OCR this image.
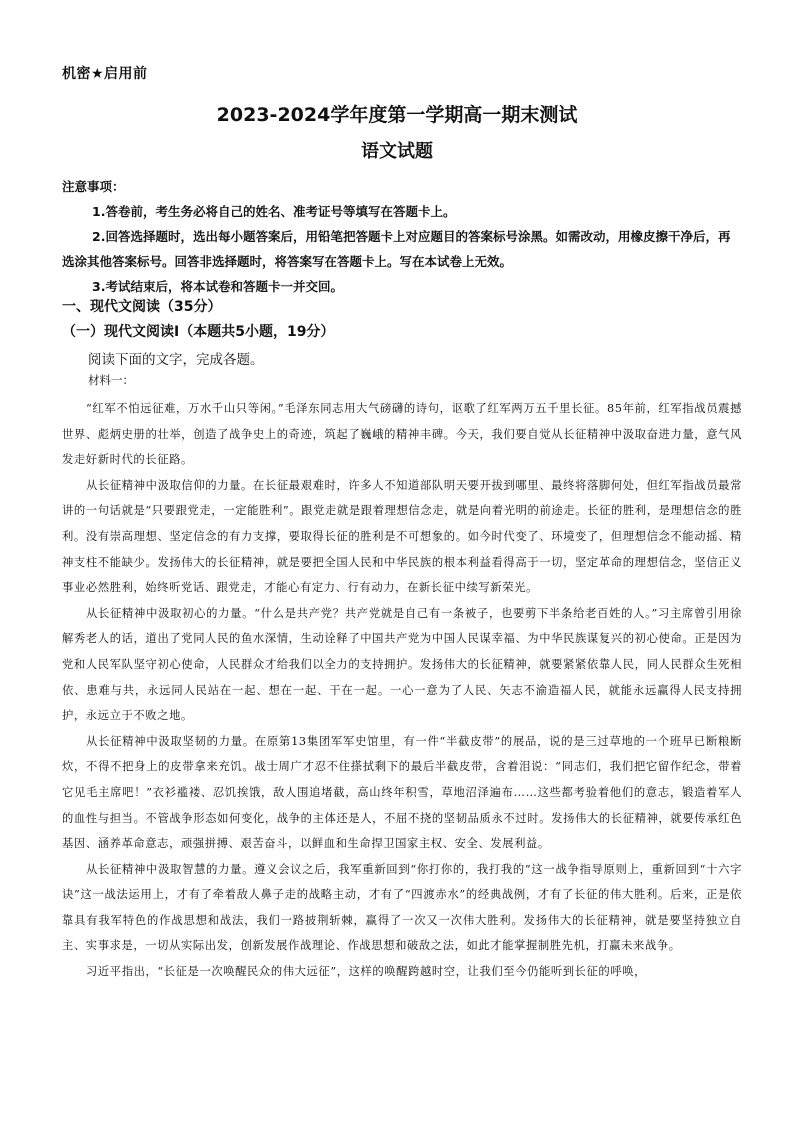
机密★启用前
2023-2024学年度第一学期高一期末测试
语文试题
注意事项：
1.答卷前，考生务必将自己的姓名、准考证号等填写在答题卡上。
2.回答选择题时，选出每小题答案后，用铅笔把答题卡上对应题目的答案标号涂黑。如需改动，用橡皮擦干净后，再选涂其他答案标号。回答非选择题时，将答案写在答题卡上。写在本试卷上无效。
3.考试结束后，将本试卷和答题卡一并交回。
一、现代文阅读（35分）
（一）现代文阅读Ⅰ（本题共5小题，19分）
阅读下面的文字，完成各题。
材料一：

“红军不怕远征难，万水千山只等闲。”毛泽东同志用大气磅礴的诗句，讴歌了红军两万五千里长征。85年前，红军指战员震撼世界、彪炳史册的壮举，创造了战争史上的奇迹，筑起了巍峨的精神丰碑。今天，我们要自觉从长征精神中汲取奋进力量，意气风发走好新时代的长征路。

从长征精神中汲取信仰的力量。在长征最艰难时，许多人不知道部队明天要开拔到哪里、最终将落脚何处，但红军指战员最常讲的一句话就是“只要跟党走，一定能胜利”。跟党走就是跟着理想信念走，就是向着光明的前途走。长征的胜利，是理想信念的胜利。没有崇高理想、坚定信念的有力支撑，要取得长征的胜利是不可想象的。如今时代变了、环境变了，但理想信念不能动摇、精神支柱不能缺少。发扬伟大的长征精神，就是要把全国人民和中华民族的根本利益看得高于一切，坚定革命的理想信念，坚信正义事业必然胜利，始终听党话、跟党走，才能心有定力、行有动力，在新长征中续写新荣光。

从长征精神中汲取初心的力量。“什么是共产党？共产党就是自己有一条被子，也要剪下半条给老百姓的人。”习主席曾引用徐解秀老人的话，道出了党同人民的鱼水深情，生动诠释了中国共产党为中国人民谋幸福、为中华民族谋复兴的初心使命。正是因为党和人民军队坚守初心使命，人民群众才给我们以全力的支持拥护。发扬伟大的长征精神，就要紧紧依靠人民，同人民群众生死相依、患难与共，永远同人民站在一起、想在一起、干在一起。一心一意为了人民、矢志不渝造福人民，就能永远赢得人民支持拥护，永远立于不败之地。

从长征精神中汲取坚韧的力量。在原第13集团军军史馆里，有一件“半截皮带”的展品，说的是三过草地的一个班早已断粮断炊，不得不把身上的皮带拿来充饥。战士周广才忍不住搽拭剩下的最后半截皮带，含着泪说：“同志们，我们把它留作纪念，带着它见毛主席吧！”衣衫褴褛、忍饥挨饿，敌人围追堵截，高山终年积雪，草地沼泽遍布……这些都考验着他们的意志，锻造着军人的血性与担当。不管战争形态如何变化，战争的主体还是人，不屈不挠的坚韧品质永不过时。发扬伟大的长征精神，就要传承红色基因、涵养革命意志，顽强拼搏、艰苦奋斗，以鲜血和生命捍卫国家主权、安全、发展利益。

从长征精神中汲取智慧的力量。遵义会议之后，我军重新回到“你打你的，我打我的”这一战争指导原则上，重新回到“十六字诀”这一战法运用上，才有了牵着敌人鼻子走的战略主动，才有了“四渡赤水”的经典战例，才有了长征的伟大胜利。后来，正是依靠具有我军特色的作战思想和战法，我们一路披荆斩棘，赢得了一次又一次伟大胜利。发扬伟大的长征精神，就是要坚持独立自主、实事求是，一切从实际出发，创新发展作战理论、作战思想和破敌之法，如此才能掌握制胜先机，打赢未来战争。

习近平指出，“长征是一次唤醒民众的伟大远征”，这样的唤醒跨越时空，让我们至今仍能听到长征的呼唤，
